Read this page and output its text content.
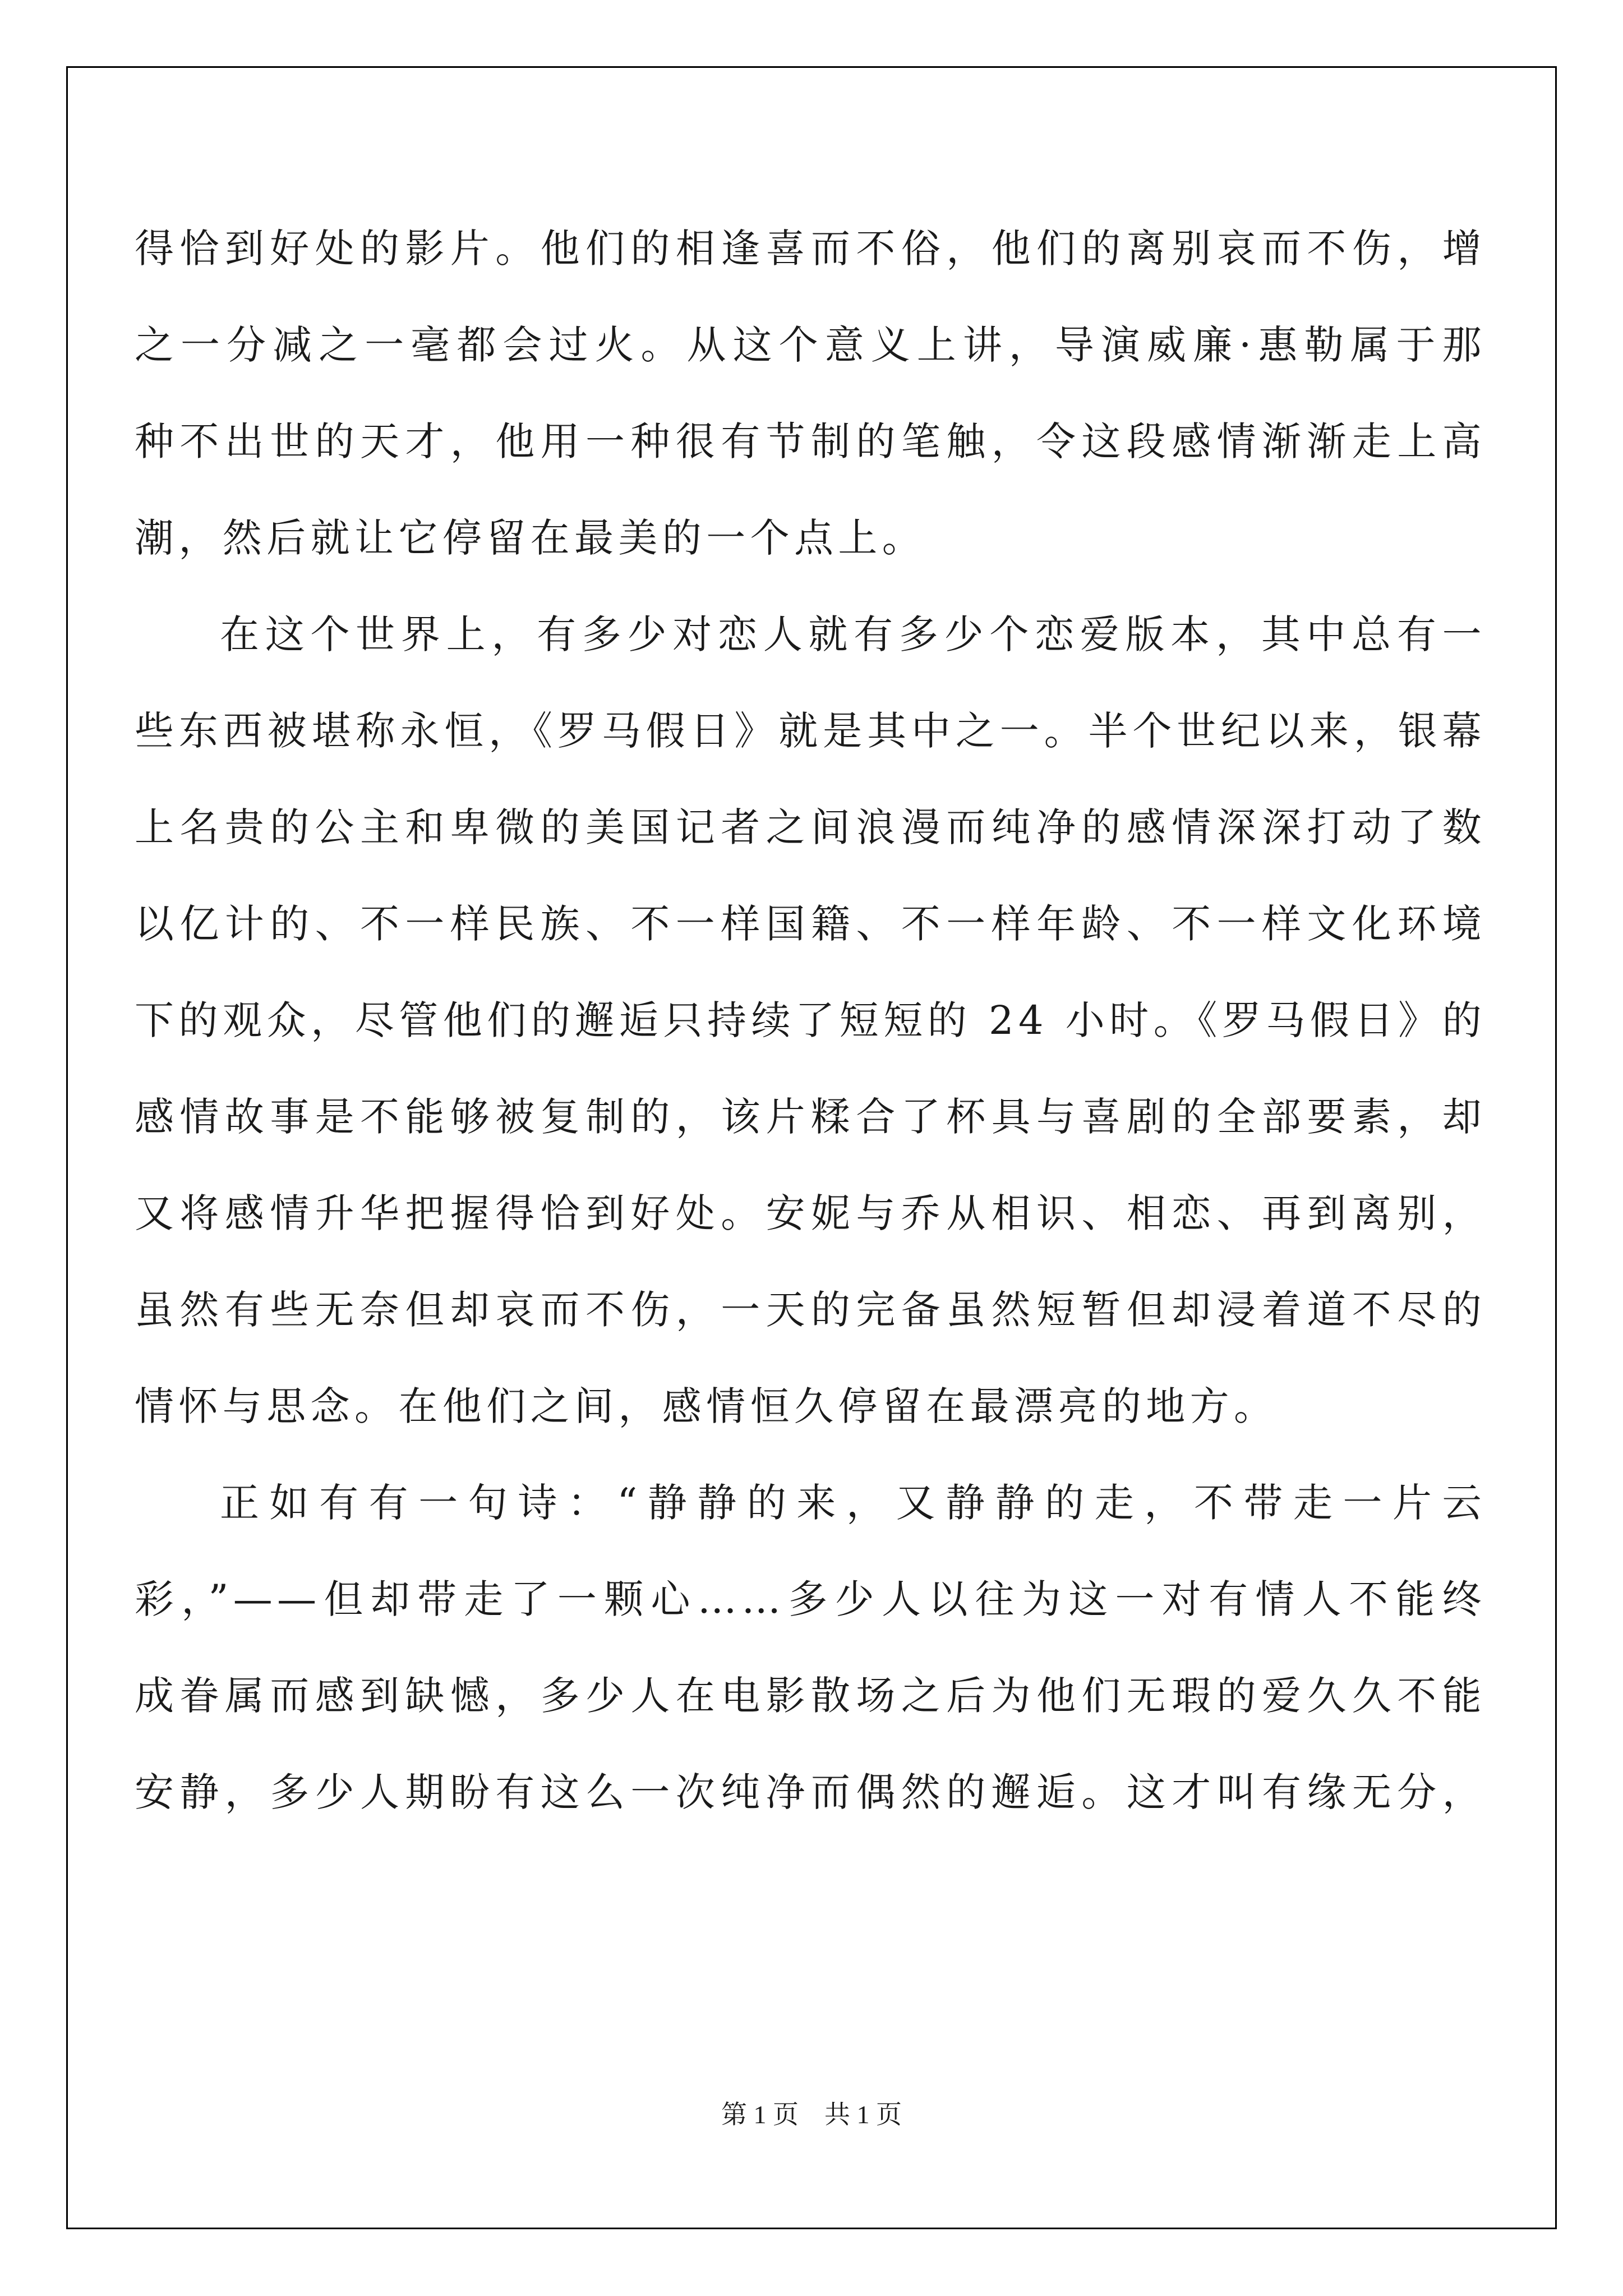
得恰到好处的影片。他们的相逢喜而不俗，他们的离别哀而不伤，增
之一分减之一毫都会过火。从这个意义上讲，导演威廉·惠勒属于那
种不出世的天才，他用一种很有节制的笔触，令这段感情渐渐走上高
潮，然后就让它停留在最美的一个点上。
在这个世界上，有多少对恋人就有多少个恋爱版本，其中总有一
些东西被堪称永恒，《罗马假日》就是其中之一。半个世纪以来，银幕
上名贵的公主和卑微的美国记者之间浪漫而纯净的感情深深打动了数
以亿计的、不一样民族、不一样国籍、不一样年龄、不一样文化环境
下的观众，尽管他们的邂逅只持续了短短的 24 小时。《罗马假日》的
感情故事是不能够被复制的，该片糅合了杯具与喜剧的全部要素，却
又将感情升华把握得恰到好处。安妮与乔从相识、相恋、再到离别，
虽然有些无奈但却哀而不伤，一天的完备虽然短暂但却浸着道不尽的
情怀与思念。在他们之间，感情恒久停留在最漂亮的地方。
正如有有一句诗：“静静的来，又静静的走，不带走一片云
彩，”——但却带走了一颗心……多少人以往为这一对有情人不能终
成眷属而感到缺憾，多少人在电影散场之后为他们无瑕的爱久久不能
安静，多少人期盼有这么一次纯净而偶然的邂逅。这才叫有缘无分，
第 1 页　共 1 页
